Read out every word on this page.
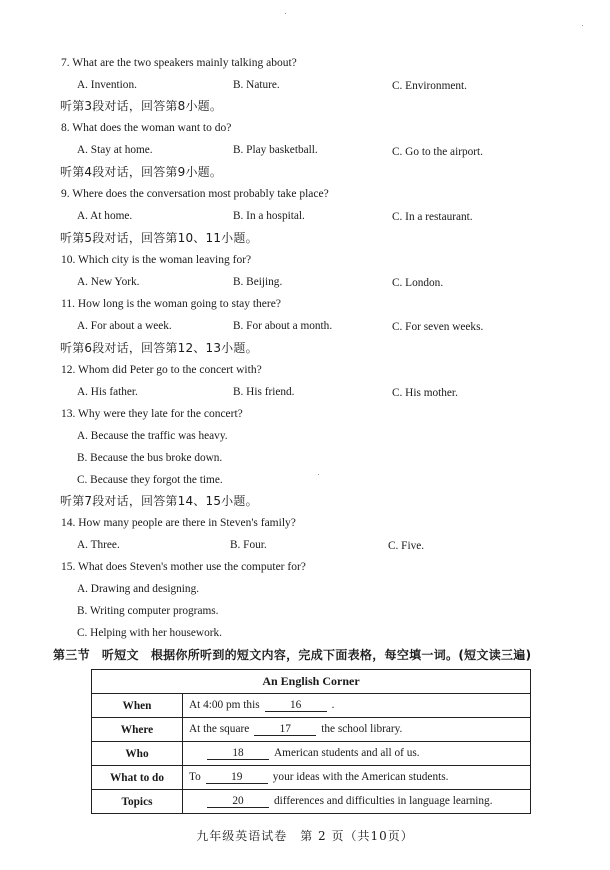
7. What are the two speakers mainly talking about?
A. Invention.	B. Nature.	C. Environment.
听第3段对话，回答第8小题。
8. What does the woman want to do?
A. Stay at home.	B. Play basketball.	C. Go to the airport.
听第4段对话，回答第9小题。
9. Where does the conversation most probably take place?
A. At home.	B. In a hospital.	C. In a restaurant.
听第5段对话，回答第10、11小题。
10. Which city is the woman leaving for?
A. New York.	B. Beijing.	C. London.
11. How long is the woman going to stay there?
A. For about a week.	B. For about a month.	C. For seven weeks.
听第6段对话，回答第12、13小题。
12. Whom did Peter go to the concert with?
A. His father.	B. His friend.	C. His mother.
13. Why were they late for the concert?
A. Because the traffic was heavy.
B. Because the bus broke down.
C. Because they forgot the time.
听第7段对话，回答第14、15小题。
14. How many people are there in Steven's family?
A. Three.	B. Four.	C. Five.
15. What does Steven's mother use the computer for?
A. Drawing and designing.
B. Writing computer programs.
C. Helping with her housework.
第三节 听短文 根据你所听到的短文内容，完成下面表格，每空填一词。(短文读三遍)
An English Corner	
When	At 4:00 pm this 16 .
Where	At the square 17 the school library.
Who	18 American students and all of us.
What to do	To 19 your ideas with the American students.
Topics	20 differences and difficulties in language learning.
九年级英语试卷　第 2 页（共10页）
